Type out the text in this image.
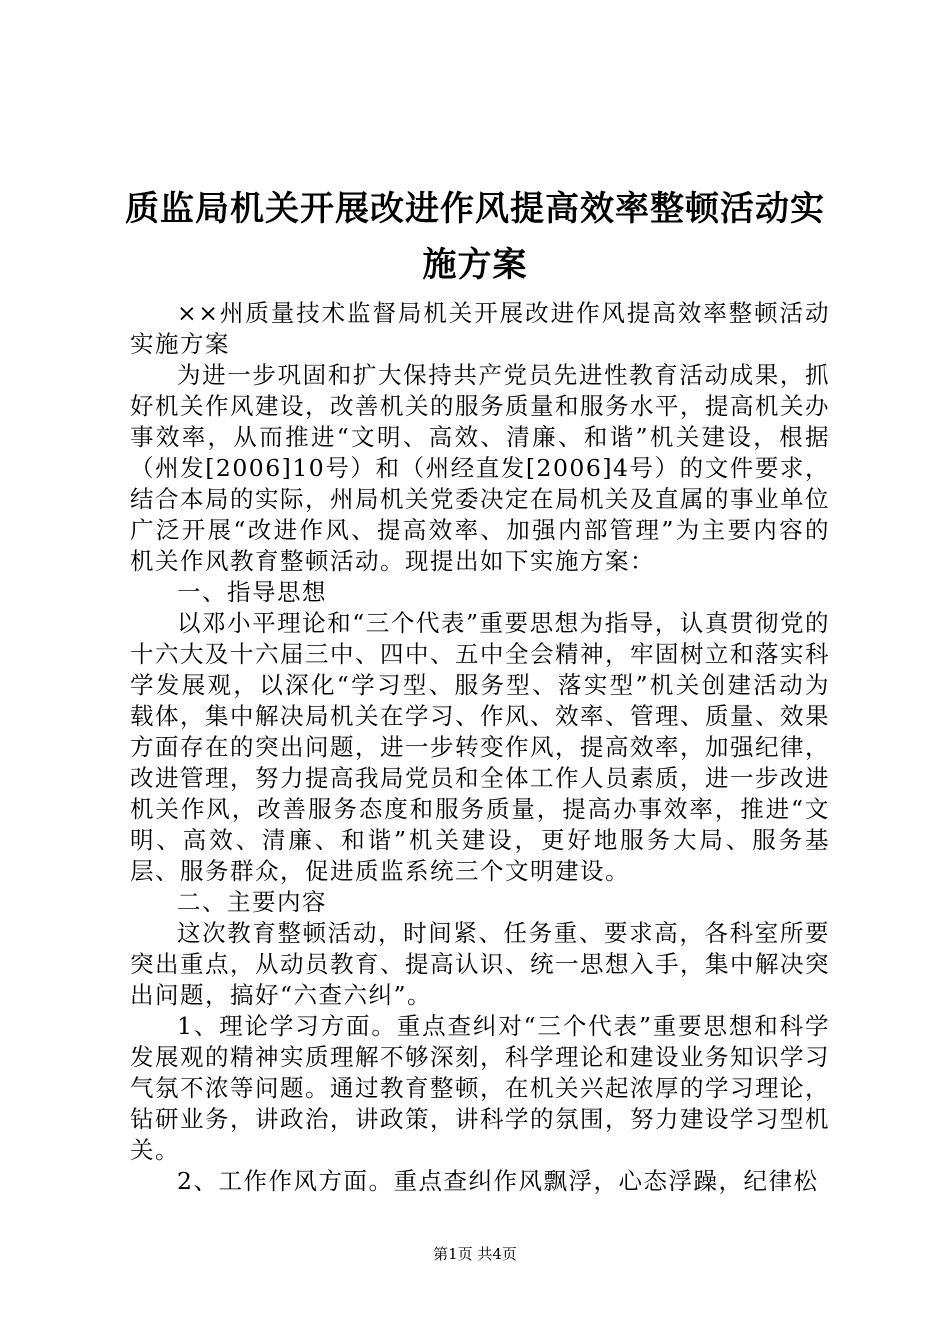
质监局机关开展改进作风提高效率整顿活动实施方案

××州质量技术监督局机关开展改进作风提高效率整顿活动实施方案

为进一步巩固和扩大保持共产党员先进性教育活动成果，抓好机关作风建设，改善机关的服务质量和服务水平，提高机关办事效率，从而推进“文明、高效、清廉、和谐”机关建设，根据（州发[2006]10号）和（州经直发[2006]4号）的文件要求，结合本局的实际，州局机关党委决定在局机关及直属的事业单位广泛开展“改进作风、提高效率、加强内部管理”为主要内容的机关作风教育整顿活动。现提出如下实施方案：

一、指导思想

以邓小平理论和“三个代表”重要思想为指导，认真贯彻党的十六大及十六届三中、四中、五中全会精神，牢固树立和落实科学发展观，以深化“学习型、服务型、落实型”机关创建活动为载体，集中解决局机关在学习、作风、效率、管理、质量、效果方面存在的突出问题，进一步转变作风，提高效率，加强纪律，改进管理，努力提高我局党员和全体工作人员素质，进一步改进机关作风，改善服务态度和服务质量，提高办事效率，推进“文明、高效、清廉、和谐”机关建设，更好地服务大局、服务基层、服务群众，促进质监系统三个文明建设。

二、主要内容

这次教育整顿活动，时间紧、任务重、要求高，各科室所要突出重点，从动员教育、提高认识、统一思想入手，集中解决突出问题，搞好“六查六纠”。

1、理论学习方面。重点查纠对“三个代表”重要思想和科学发展观的精神实质理解不够深刻，科学理论和建设业务知识学习气氛不浓等问题。通过教育整顿，在机关兴起浓厚的学习理论，钻研业务，讲政治，讲政策，讲科学的氛围，努力建设学习型机关。

2、工作作风方面。重点查纠作风飘浮，心态浮躁，纪律松

第1页 共4页
